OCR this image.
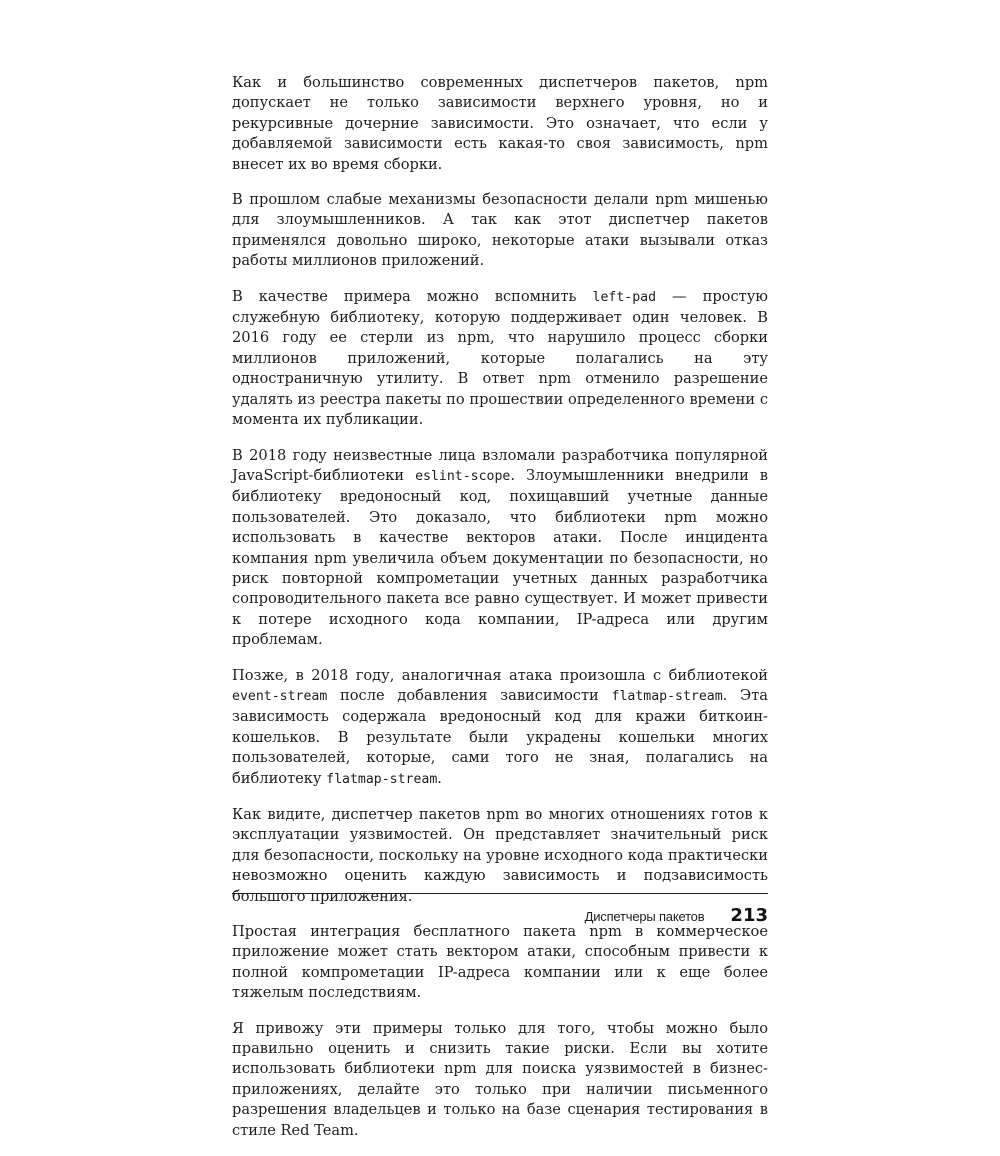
Как и большинство современных диспетчеров пакетов, npm допускает не только зависимости верхнего уровня, но и рекурсивные дочерние зависимости. Это означает, что если у добавляемой зависимости есть какая-то своя зависимость, npm внесет их во время сборки.

В прошлом слабые механизмы безопасности делали npm мишенью для злоумышленников. А так как этот диспетчер пакетов применялся довольно широко, некоторые атаки вызывали отказ работы миллионов приложений.

В качестве примера можно вспомнить left-pad — простую служебную библиотеку, которую поддерживает один человек. В 2016 году ее стерли из npm, что нарушило процесс сборки миллионов приложений, которые полагались на эту одностраничную утилиту. В ответ npm отменило разрешение удалять из реестра пакеты по прошествии определенного времени с момента их публикации.

В 2018 году неизвестные лица взломали разработчика популярной JavaScript-библиотеки eslint-scope. Злоумышленники внедрили в библиотеку вредоносный код, похищавший учетные данные пользователей. Это доказало, что библиотеки npm можно использовать в качестве векторов атаки. После инцидента компания npm увеличила объем документации по безопасности, но риск повторной компрометации учетных данных разработчика сопроводительного пакета все равно существует. И может привести к потере исходного кода компании, IP-адреса или другим проблемам.

Позже, в 2018 году, аналогичная атака произошла с библиотекой event-stream после добавления зависимости flatmap-stream. Эта зависимость содержала вредоносный код для кражи биткоин-кошельков. В результате были украдены кошельки многих пользователей, которые, сами того не зная, полагались на библиотеку flatmap-stream.

Как видите, диспетчер пакетов npm во многих отношениях готов к эксплуатации уязвимостей. Он представляет значительный риск для безопасности, поскольку на уровне исходного кода практически невозможно оценить каждую зависимость и подзависимость большого приложения.

Простая интеграция бесплатного пакета npm в коммерческое приложение может стать вектором атаки, способным привести к полной компрометации IP-адреса компании или к еще более тяжелым последствиям.

Я привожу эти примеры только для того, чтобы можно было правильно оценить и снизить такие риски. Если вы хотите использовать библиотеки npm для поиска уязвимостей в бизнес-приложениях, делайте это только при наличии письменного разрешения владельцев и только на базе сценария тестирования в стиле Red Team.

Диспетчеры пакетов 213
